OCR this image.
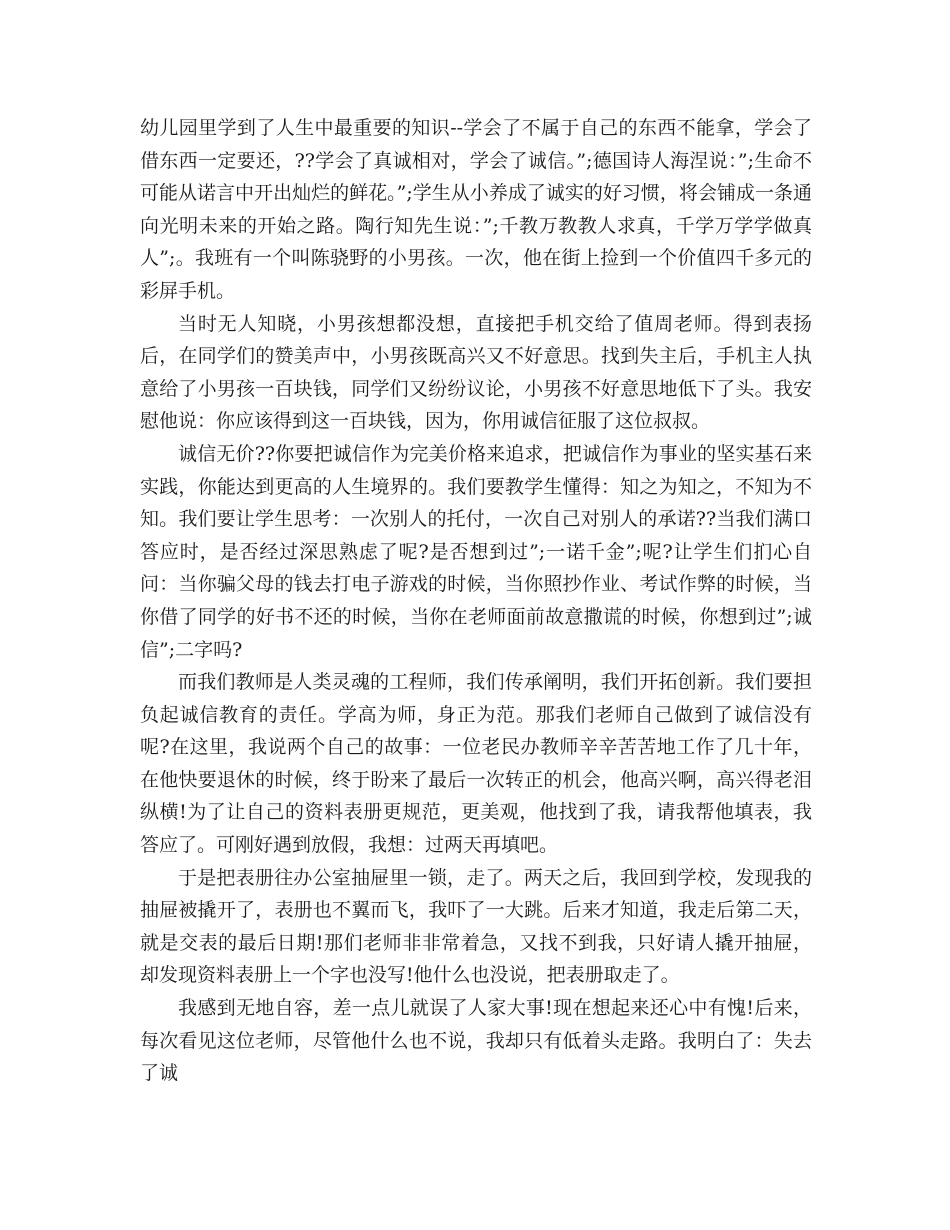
幼儿园里学到了人生中最重要的知识--学会了不属于自己的东西不能拿，学会了借东西一定要还，??学会了真诚相对，学会了诚信。”;德国诗人海涅说：”;生命不可能从诺言中开出灿烂的鲜花。”;学生从小养成了诚实的好习惯，将会铺成一条通向光明未来的开始之路。陶行知先生说：”;千教万教教人求真，千学万学学做真人”;。我班有一个叫陈骁野的小男孩。一次，他在街上捡到一个价值四千多元的彩屏手机。

当时无人知晓，小男孩想都没想，直接把手机交给了值周老师。得到表扬后，在同学们的赞美声中，小男孩既高兴又不好意思。找到失主后，手机主人执意给了小男孩一百块钱，同学们又纷纷议论，小男孩不好意思地低下了头。我安慰他说：你应该得到这一百块钱，因为，你用诚信征服了这位叔叔。

诚信无价??你要把诚信作为完美价格来追求，把诚信作为事业的坚实基石来实践，你能达到更高的人生境界的。我们要教学生懂得：知之为知之，不知为不知。我们要让学生思考：一次别人的托付，一次自己对别人的承诺??当我们满口答应时，是否经过深思熟虑了呢?是否想到过”;一诺千金”;呢?让学生们扪心自问：当你骗父母的钱去打电子游戏的时候，当你照抄作业、考试作弊的时候，当你借了同学的好书不还的时候，当你在老师面前故意撒谎的时候，你想到过”;诚信”;二字吗?

而我们教师是人类灵魂的工程师，我们传承阐明，我们开拓创新。我们要担负起诚信教育的责任。学高为师，身正为范。那我们老师自己做到了诚信没有呢?在这里，我说两个自己的故事：一位老民办教师辛辛苦苦地工作了几十年，在他快要退休的时候，终于盼来了最后一次转正的机会，他高兴啊，高兴得老泪纵横!为了让自己的资料表册更规范，更美观，他找到了我，请我帮他填表，我答应了。可刚好遇到放假，我想：过两天再填吧。

于是把表册往办公室抽屉里一锁，走了。两天之后，我回到学校，发现我的抽屉被撬开了，表册也不翼而飞，我吓了一大跳。后来才知道，我走后第二天，就是交表的最后日期!那们老师非非常着急，又找不到我，只好请人撬开抽屉，却发现资料表册上一个字也没写!他什么也没说，把表册取走了。

我感到无地自容，差一点儿就误了人家大事!现在想起来还心中有愧!后来，每次看见这位老师，尽管他什么也不说，我却只有低着头走路。我明白了：失去了诚
